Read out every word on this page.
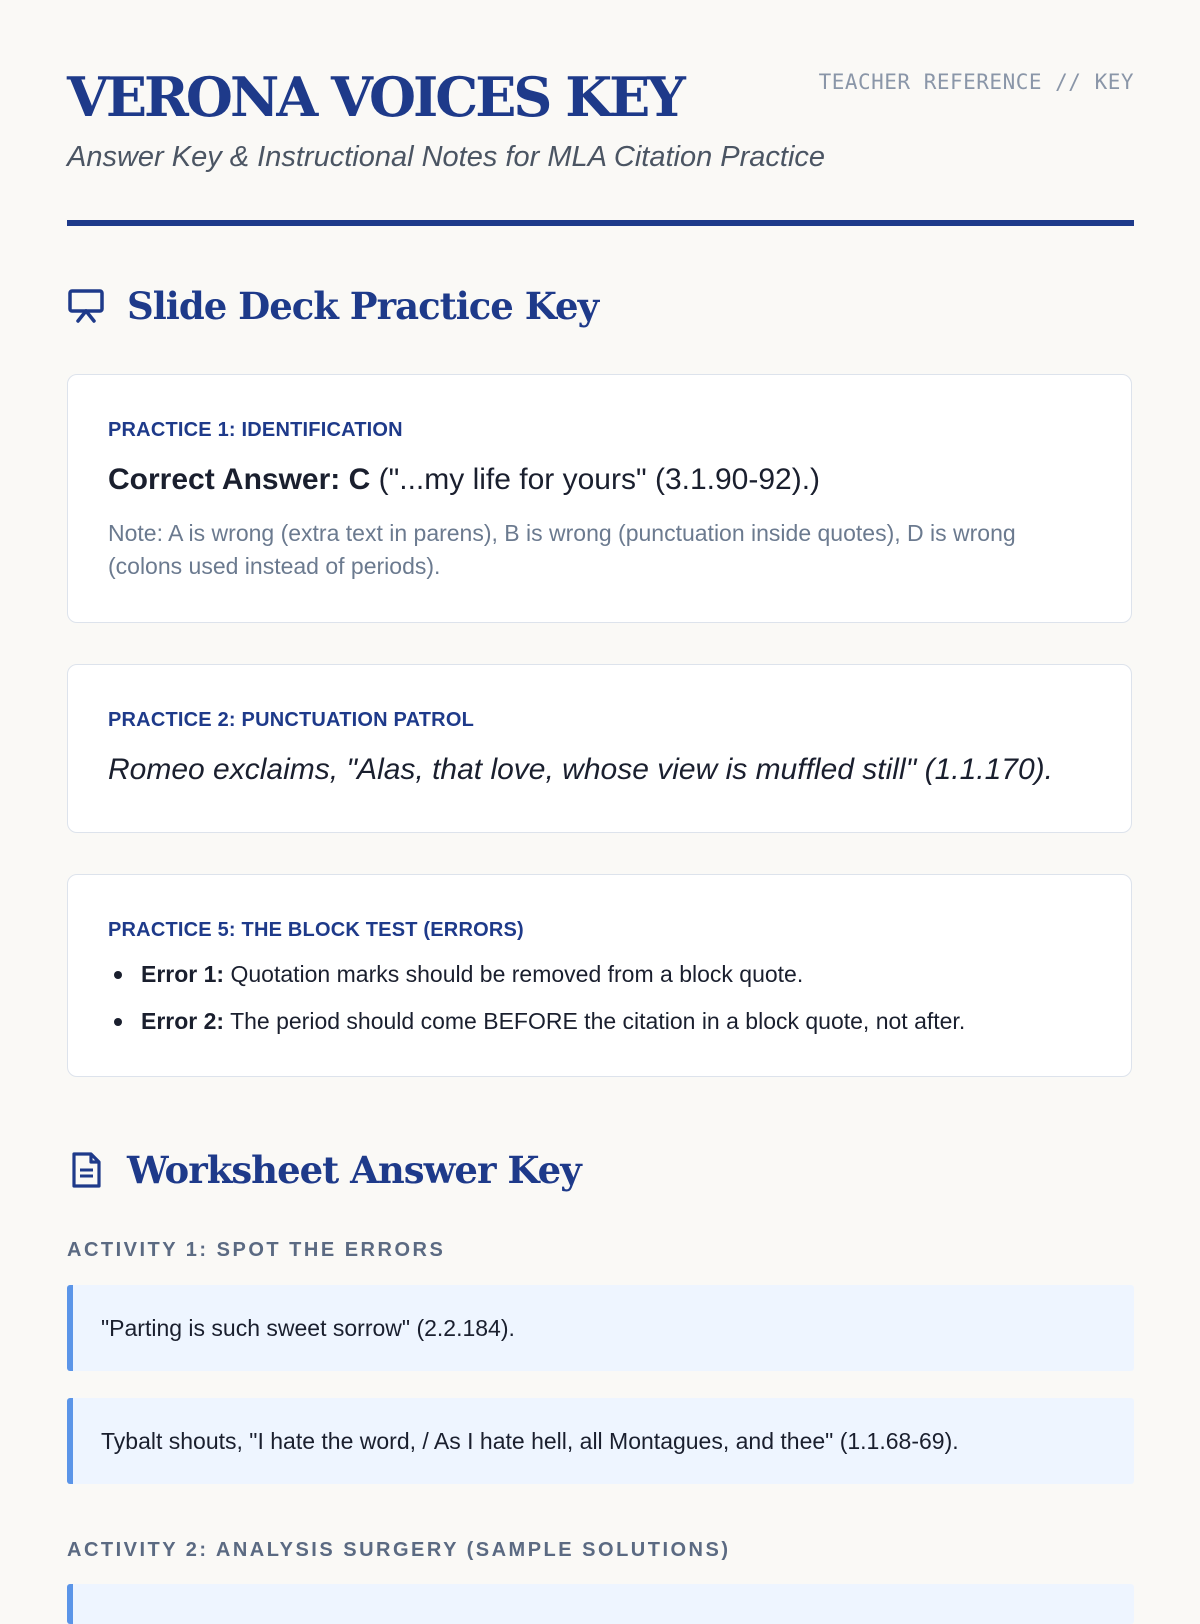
VERONA VOICES KEY
Answer Key & Instructional Notes for MLA Citation Practice
TEACHER REFERENCE // KEY
Slide Deck Practice Key
PRACTICE 1: IDENTIFICATION
Correct Answer: C ("...my life for yours" (3.1.90-92).)
Note: A is wrong (extra text in parens), B is wrong (punctuation inside quotes), D is wrong (colons used instead of periods).
PRACTICE 2: PUNCTUATION PATROL
Romeo exclaims, "Alas, that love, whose view is muffled still" (1.1.170).
PRACTICE 5: THE BLOCK TEST (ERRORS)
Error 1: Quotation marks should be removed from a block quote.
Error 2: The period should come BEFORE the citation in a block quote, not after.
Worksheet Answer Key
ACTIVITY 1: SPOT THE ERRORS
"Parting is such sweet sorrow" (2.2.184).
Tybalt shouts, "I hate the word, / As I hate hell, all Montagues, and thee" (1.1.68-69).
ACTIVITY 2: ANALYSIS SURGERY (SAMPLE SOLUTIONS)
